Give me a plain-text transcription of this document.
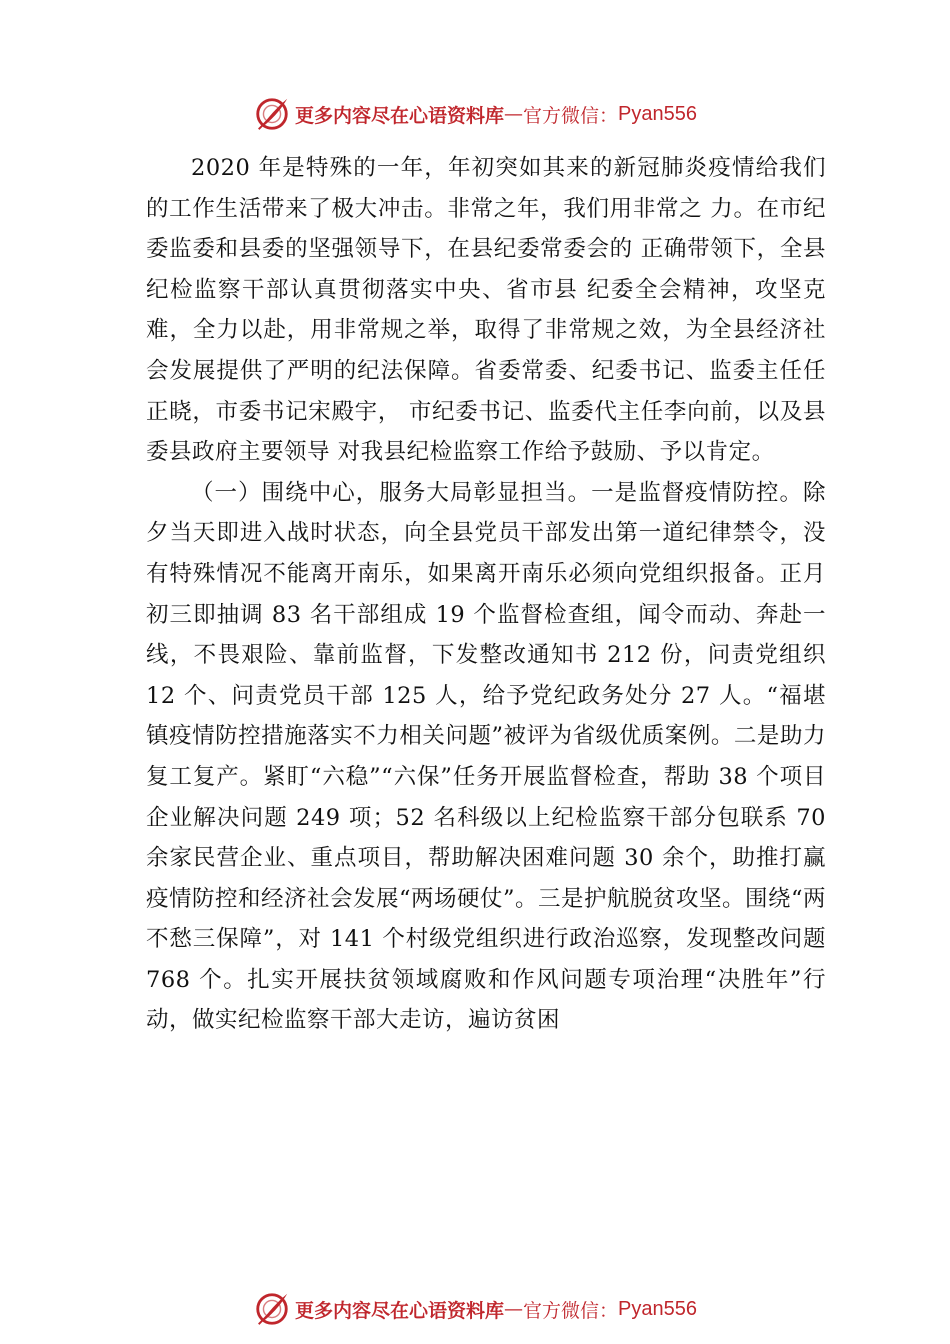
更多内容尽在心语资料库 — 官方微信： Pyan556

2020 年是特殊的一年，年初突如其来的新冠肺炎疫情给我们的工作生活带来了极大冲击。非常之年，我们用非常之 力。在市纪委监委和县委的坚强领导下，在县纪委常委会的 正确带领下，全县纪检监察干部认真贯彻落实中央、省市县 纪委全会精神，攻坚克难，全力以赴，用非常规之举，取得了非常规之效，为全县经济社会发展提供了严明的纪法保障。省委常委、纪委书记、监委主任任正晓，市委书记宋殿宇， 市纪委书记、监委代主任李向前，以及县委县政府主要领导 对我县纪检监察工作给予鼓励、予以肯定。

（一）围绕中心，服务大局彰显担当。一是监督疫情防控。除夕当天即进入战时状态，向全县党员干部发出第一道纪律禁令，没有特殊情况不能离开南乐，如果离开南乐必须向党组织报备。正月初三即抽调 83 名干部组成 19 个监督检查组，闻令而动、奔赴一线，不畏艰险、靠前监督，下发整改通知书 212 份，问责党组织 12 个、问责党员干部 125 人，给予党纪政务处分 27 人。“福堪镇疫情防控措施落实不力相关问题”被评为省级优质案例。二是助力复工复产。紧盯“六稳”“六保”任务开展监督检查，帮助 38 个项目企业解决问题 249 项；52 名科级以上纪检监察干部分包联系 70 余家民营企业、重点项目，帮助解决困难问题 30 余个，助推打赢疫情防控和经济社会发展“两场硬仗”。三是护航脱贫攻坚。围绕“两不愁三保障”，对 141 个村级党组织进行政治巡察，发现整改问题 768 个。扎实开展扶贫领域腐败和作风问题专项治理“决胜年”行动，做实纪检监察干部大走访，遍访贫困

更多内容尽在心语资料库 — 官方微信： Pyan556
